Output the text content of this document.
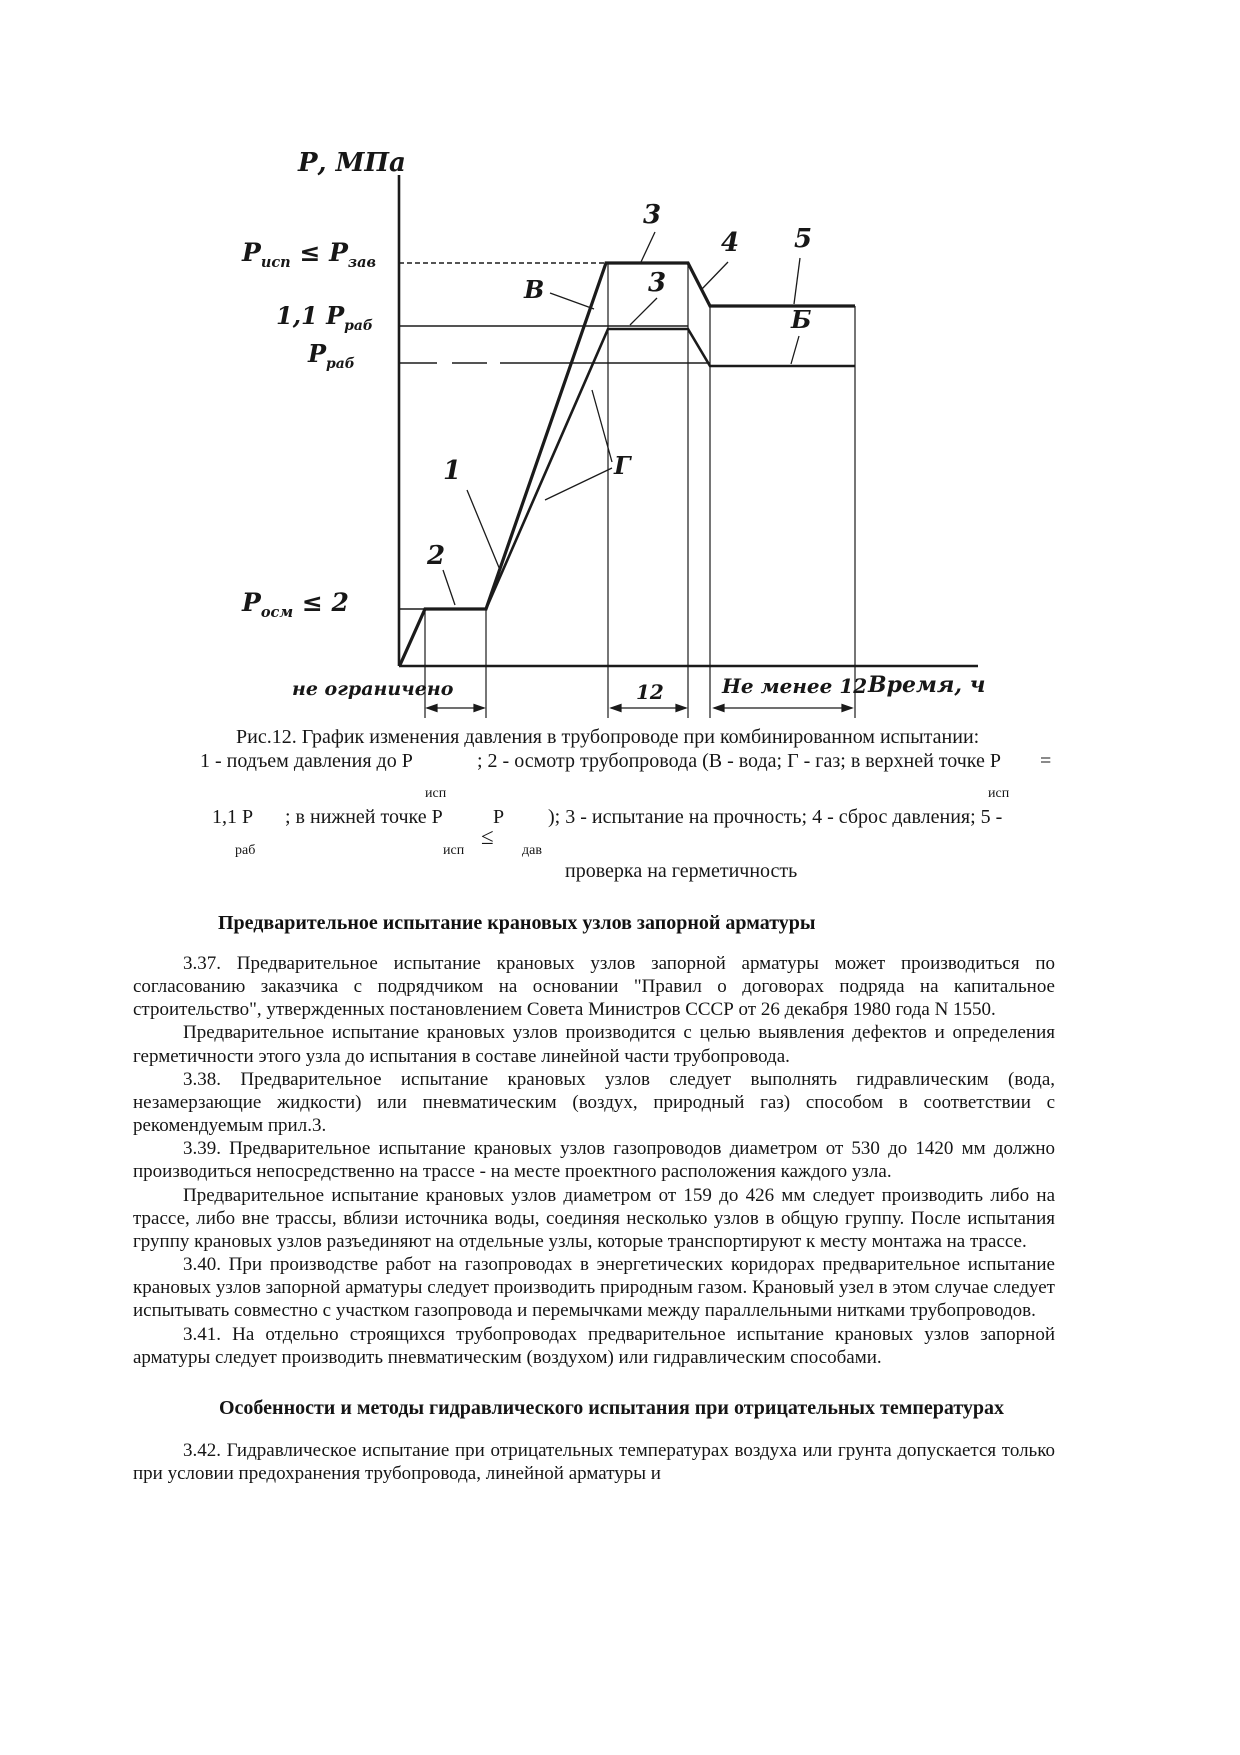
Р, МПа
$Р_{исп} \le Р_{зав}$
1,1 $Р_{раб}$
$Р_{раб}$
$Р_{осм} \le 2$
1
2
3
3
4 5
Б
В
Г
не ограничено	12	Не менее 12 Время, ч
Рис.12. График изменения давления в трубопроводе при комбинированном испытании:
1 - подъем давления до Р	; 2 - осмотр трубопровода (В - вода; Г - газ; в верхней точке Р =
исп	исп
1,1 Р ; в нижней точке Р	Р ); 3 - испытание на прочность; 4 - сброс давления; 5 -
≤
раб	исп	дав
проверка на герметичность
Предварительное испытание крановых узлов запорной арматуры

3.37. Предварительное испытание крановых узлов запорной арматуры может производиться по согласованию заказчика с подрядчиком на основании "Правил о договорах подряда на капитальное строительство", утвержденных постановлением Совета Министров СССР от 26 декабря 1980 года N 1550.

Предварительное испытание крановых узлов производится с целью выявления дефектов и определения герметичности этого узла до испытания в составе линейной части трубопровода.

3.38. Предварительное испытание крановых узлов следует выполнять гидравлическим (вода, незамерзающие жидкости) или пневматическим (воздух, природный газ) способом в соответствии с рекомендуемым прил.3.

3.39. Предварительное испытание крановых узлов газопроводов диаметром от 530 до 1420 мм должно производиться непосредственно на трассе - на месте проектного расположения каждого узла.

Предварительное испытание крановых узлов диаметром от 159 до 426 мм следует производить либо на трассе, либо вне трассы, вблизи источника воды, соединяя несколько узлов в общую группу. После испытания группу крановых узлов разъединяют на отдельные узлы, которые транспортируют к месту монтажа на трассе.

3.40. При производстве работ на газопроводах в энергетических коридорах предварительное испытание крановых узлов запорной арматуры следует производить природным газом. Крановый узел в этом случае следует испытывать совместно с участком газопровода и перемычками между параллельными нитками трубопроводов.

3.41. На отдельно строящихся трубопроводах предварительное испытание крановых узлов запорной арматуры следует производить пневматическим (воздухом) или гидравлическим способами.

Особенности и методы гидравлического испытания при отрицательных температурах

3.42. Гидравлическое испытание при отрицательных температурах воздуха или грунта допускается только при условии предохранения трубопровода, линейной арматуры и
